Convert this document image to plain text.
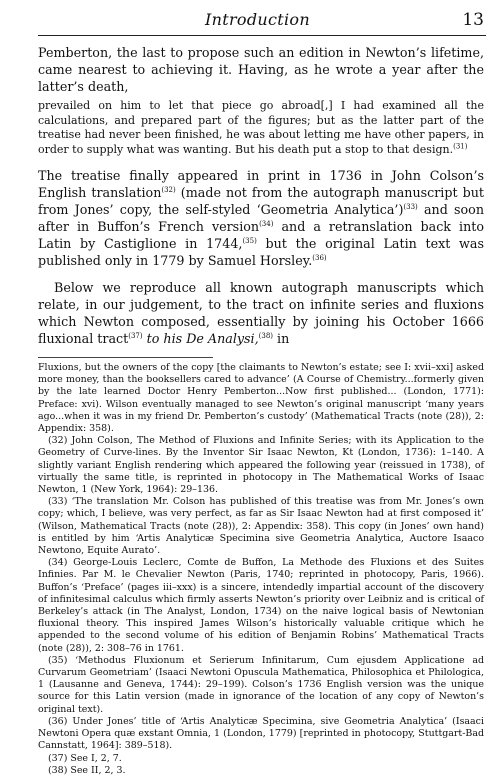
Introduction	13

Pemberton, the last to propose such an edition in Newton’s lifetime, came nearest to achieving it. Having, as he wrote a year after the latter’s death,

prevailed on him to let that piece go abroad[,] I had examined all the calculations, and prepared part of the figures; but as the latter part of the treatise had never been finished, he was about letting me have other papers, in order to supply what was wanting. But his death put a stop to that design.$^{(31)}$

The treatise finally appeared in print in 1736 in John Colson’s English translation$^{(32)}$ (made not from the autograph manuscript but from Jones’ copy, the self-styled ‘Geometria Analytica’)$^{(33)}$ and soon after in Buffon’s French version$^{(34)}$ and a retranslation back into Latin by Castiglione in 1744,$^{(35)}$ but the original Latin text was published only in 1779 by Samuel Horsley.$^{(36)}$

Below we reproduce all known autograph manuscripts which relate, in our judgement, to the tract on infinite series and fluxions which Newton composed, essentially by joining his October 1666 fluxional tract$^{(37)}$ to his De Analysi,$^{(38)}$ in

Fluxions, but the owners of the copy [the claimants to Newton’s estate; see I: xvii–xxi] asked more money, than the booksellers cared to advance’ (A Course of Chemistry...formerly given by the late learned Doctor Henry Pemberton...Now first published... (London, 1771): Preface: xvi). Wilson eventually managed to see Newton’s original manuscript ‘many years ago...when it was in my friend Dr. Pemberton’s custody’ (Mathematical Tracts (note (28)), 2: Appendix: 358).

(32) John Colson, The Method of Fluxions and Infinite Series; with its Application to the Geometry of Curve-lines. By the Inventor Sir Isaac Newton, Kt (London, 1736): 1–140. A slightly variant English rendering which appeared the following year (reissued in 1738), of virtually the same title, is reprinted in photocopy in The Mathematical Works of Isaac Newton, 1 (New York, 1964): 29–136.

(33) ‘The translation Mr. Colson has published of this treatise was from Mr. Jones’s own copy; which, I believe, was very perfect, as far as Sir Isaac Newton had at first composed it’ (Wilson, Mathematical Tracts (note (28)), 2: Appendix: 358). This copy (in Jones’ own hand) is entitled by him ‘Artis Analyticæ Specimina sive Geometria Analytica, Auctore Isaaco Newtono, Equite Aurato’.

(34) George-Louis Leclerc, Comte de Buffon, La Methode des Fluxions et des Suites Infinies. Par M. le Chevalier Newton (Paris, 1740; reprinted in photocopy, Paris, 1966). Buffon’s ‘Preface’ (pages iii–xxx) is a sincere, intendedly impartial account of the discovery of infinitesimal calculus which firmly asserts Newton’s priority over Leibniz and is critical of Berkeley’s attack (in The Analyst, London, 1734) on the naive logical basis of Newtonian fluxional theory. This inspired James Wilson’s historically valuable critique which he appended to the second volume of his edition of Benjamin Robins’ Mathematical Tracts (note (28)), 2: 308–76 in 1761.

(35) ‘Methodus Fluxionum et Serierum Infinitarum, Cum ejusdem Applicatione ad Curvarum Geometriam’ (Isaaci Newtoni Opuscula Mathematica, Philosophica et Philologica, 1 (Lausanne and Geneva, 1744): 29–199). Colson’s 1736 English version was the unique source for this Latin version (made in ignorance of the location of any copy of Newton’s original text).

(36) Under Jones’ title of ‘Artis Analyticæ Specimina, sive Geometria Analytica’ (Isaaci Newtoni Opera quæ exstant Omnia, 1 (London, 1779) [reprinted in photocopy, Stuttgart-Bad Cannstatt, 1964]: 389–518).

(37) See I, 2, 7.

(38) See II, 2, 3.
